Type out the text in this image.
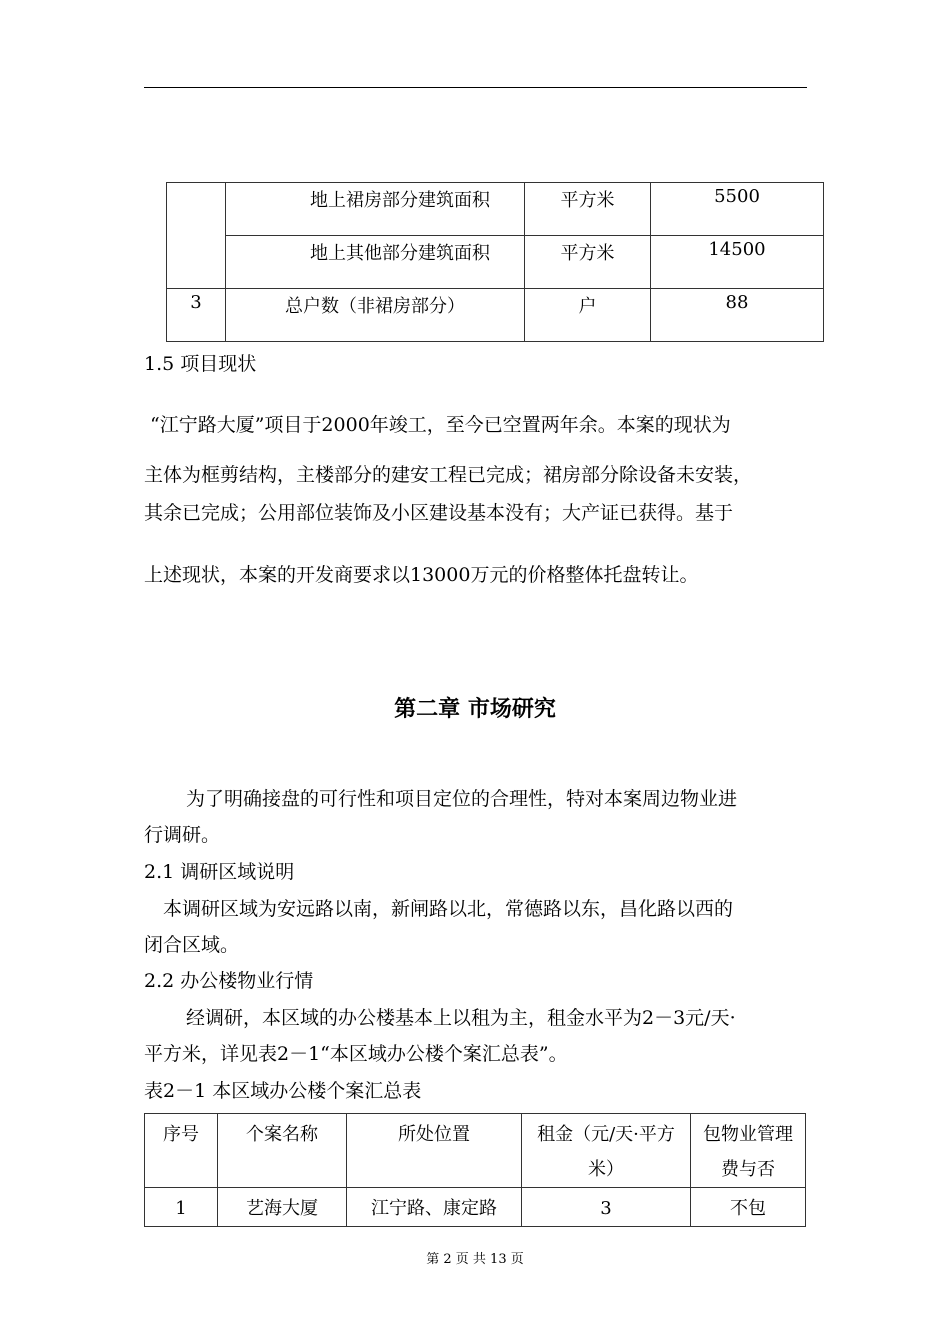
	地上裙房部分建筑面积	平方米	5500
	地上其他部分建筑面积	平方米	14500
3	总户数（非裙房部分）	户	88
1.5 项目现状
“江宁路大厦”项目于2000年竣工，至今已空置两年余。本案的现状为
主体为框剪结构，主楼部分的建安工程已完成；裙房部分除设备未安装，
其余已完成；公用部位装饰及小区建设基本没有；大产证已获得。基于
上述现状，本案的开发商要求以13000万元的价格整体托盘转让。
第二章 市场研究
为了明确接盘的可行性和项目定位的合理性，特对本案周边物业进
行调研。
2.1 调研区域说明
本调研区域为安远路以南，新闸路以北，常德路以东，昌化路以西的
闭合区域。
2.2 办公楼物业行情
经调研，本区域的办公楼基本上以租为主，租金水平为2－3元/天·
平方米，详见表2－1“本区域办公楼个案汇总表”。
表2－1 本区域办公楼个案汇总表
序号	个案名称	所处位置	租金（元/天·平方米）	包物业管理费与否
1	艺海大厦	江宁路、康定路	3	不包
第 2 页 共 13 页
